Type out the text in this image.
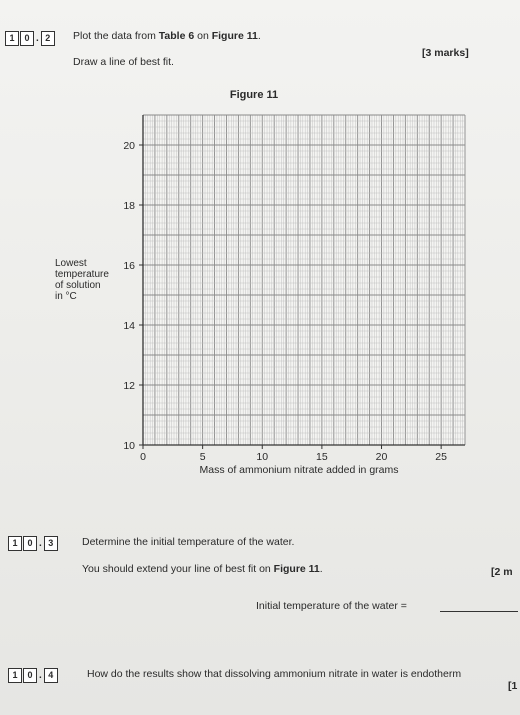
1	0 . 2	Plot the data from Table 6 on Figure 11.
Draw a line of best fit.
[3 marks]
0	5	10	15	20	25
10
12
14
16
18
20
Figure 11
Mass of ammonium nitrate added in grams
Lowest
temperature
of solution
in °C
1	0 . 3	Determine the initial temperature of the water.
You should extend your line of best fit on Figure 11.	[2 m
Initial temperature of the water =
1	0 . 4	How do the results show that dissolving ammonium nitrate in water is endotherm
[1
